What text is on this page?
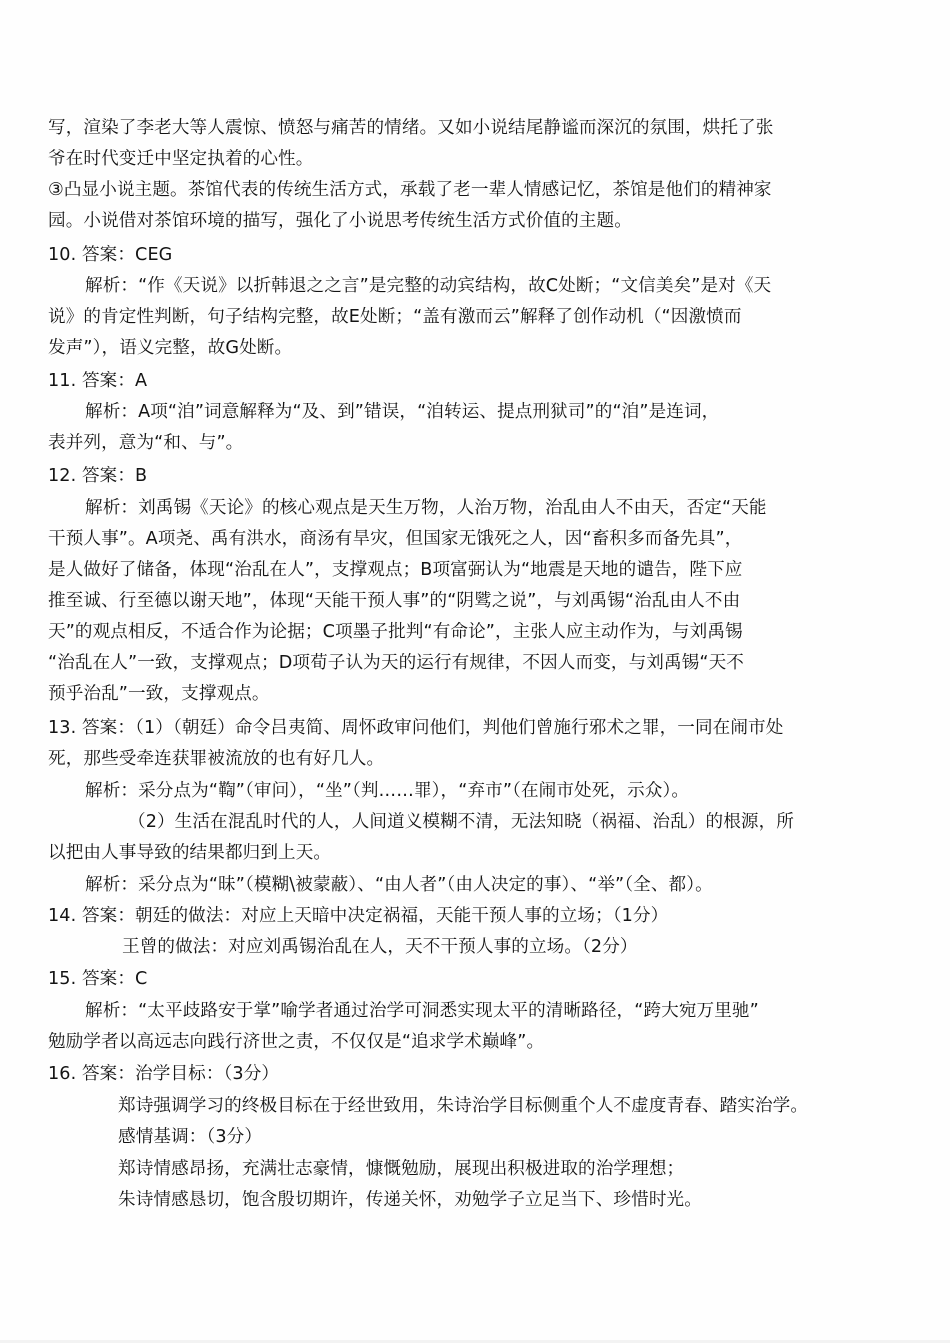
写，渲染了李老大等人震惊、愤怒与痛苦的情绪。又如小说结尾静谧而深沉的氛围，烘托了张
爷在时代变迁中坚定执着的心性。
③凸显小说主题。茶馆代表的传统生活方式，承载了老一辈人情感记忆，茶馆是他们的精神家
园。小说借对茶馆环境的描写，强化了小说思考传统生活方式价值的主题。
10. 答案：CEG
解析：“作《天说》以折韩退之之言”是完整的动宾结构，故C处断；“文信美矣”是对《天
说》的肯定性判断，句子结构完整，故E处断；“盖有激而云”解释了创作动机（“因激愤而
发声”），语义完整，故G处断。
11. 答案：A
解析：A项“洎”词意解释为“及、到”错误，“洎转运、提点刑狱司”的“洎”是连词，
表并列，意为“和、与”。
12. 答案：B
解析：刘禹锡《天论》的核心观点是天生万物，人治万物，治乱由人不由天，否定“天能
干预人事”。A项尧、禹有洪水，商汤有旱灾，但国家无饿死之人，因“畜积多而备先具”，
是人做好了储备，体现“治乱在人”，支撑观点；B项富弼认为“地震是天地的谴告，陛下应
推至诚、行至德以谢天地”，体现“天能干预人事”的“阴骘之说”，与刘禹锡“治乱由人不由
天”的观点相反，不适合作为论据；C项墨子批判“有命论”，主张人应主动作为，与刘禹锡
“治乱在人”一致，支撑观点；D项荀子认为天的运行有规律，不因人而变，与刘禹锡“天不
预乎治乱”一致，支撑观点。
13. 答案：（1）（朝廷）命令吕夷简、周怀政审问他们，判他们曾施行邪术之罪，一同在闹市处
死，那些受牵连获罪被流放的也有好几人。
解析：采分点为“鞫”（审问），“坐”（判……罪），“弃市”（在闹市处死，示众）。
（2）生活在混乱时代的人，人间道义模糊不清，无法知晓（祸福、治乱）的根源，所
以把由人事导致的结果都归到上天。
解析：采分点为“昧”（模糊\被蒙蔽）、“由人者”（由人决定的事）、“举”（全、都）。
14. 答案：朝廷的做法：对应上天暗中决定祸福，天能干预人事的立场；（1分）
王曾的做法：对应刘禹锡治乱在人，天不干预人事的立场。（2分）
15. 答案：C
解析：“太平歧路安于掌”喻学者通过治学可洞悉实现太平的清晰路径，“跨大宛万里驰”
勉励学者以高远志向践行济世之责，不仅仅是“追求学术巅峰”。
16. 答案：治学目标：（3分）
郑诗强调学习的终极目标在于经世致用，朱诗治学目标侧重个人不虚度青春、踏实治学。
感情基调：（3分）
郑诗情感昂扬，充满壮志豪情，慷慨勉励，展现出积极进取的治学理想；
朱诗情感恳切，饱含殷切期许，传递关怀，劝勉学子立足当下、珍惜时光。
